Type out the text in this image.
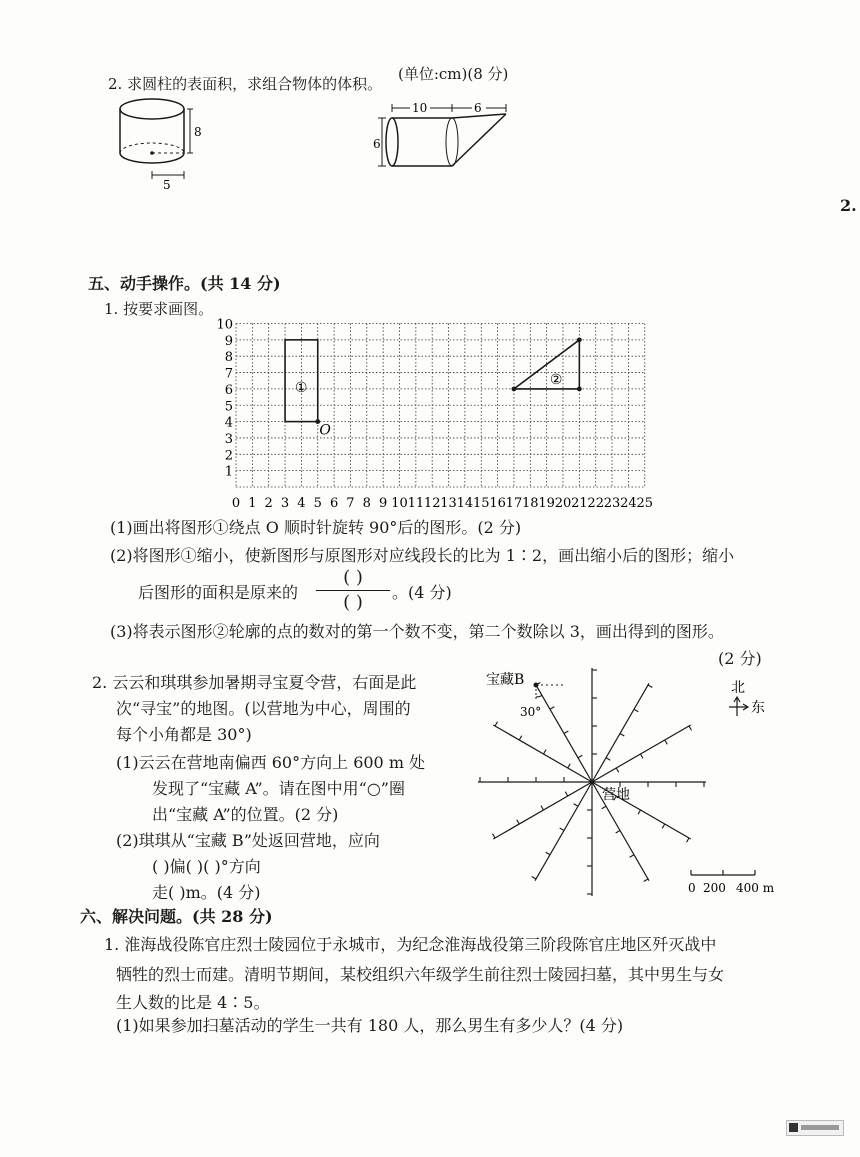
2. 求圆柱的表面积，求组合物体的体积。
(单位:cm)(8 分)
8
5
10	6
6
2.
五、动手操作。(共 14 分)
1. 按要求画图。
0 1 2 3 4 5 6 7 8 9 10 11 12 13 14 15 16 17 18 19 20 21 22 23 24 25
1
2
3
4
5
6
7
8
9
10
①
O
②
(1)画出将图形①绕点 O 顺时针旋转 90°后的图形。(2 分)
(2)将图形①缩小，使新图形与原图形对应线段长的比为 1∶2，画出缩小后的图形；缩小
后图形的面积是原来的
( )
( )	。(4 分)
(3)将表示图形②轮廓的点的数对的第一个数不变，第二个数除以 3，画出得到的图形。
(2 分)
2. 云云和琪琪参加暑期寻宝夏令营，右面是此
次“寻宝”的地图。(以营地为中心，周围的
每个小角都是 30°)
(1)云云在营地南偏西 60°方向上 600 m 处
发现了“宝藏 A”。请在图中用“○”圈
出“宝藏 A”的位置。(2 分)
(2)琪琪从“宝藏 B”处返回营地，应向
( )偏( )( )°方向
走( )m。(4 分)
宝藏B
30°
营地
北
东
0 200 400 m
六、解决问题。(共 28 分)
1. 淮海战役陈官庄烈士陵园位于永城市，为纪念淮海战役第三阶段陈官庄地区歼灭战中
牺牲的烈士而建。清明节期间，某校组织六年级学生前往烈士陵园扫墓，其中男生与女
生人数的比是 4∶5。
(1)如果参加扫墓活动的学生一共有 180 人，那么男生有多少人？(4 分)
